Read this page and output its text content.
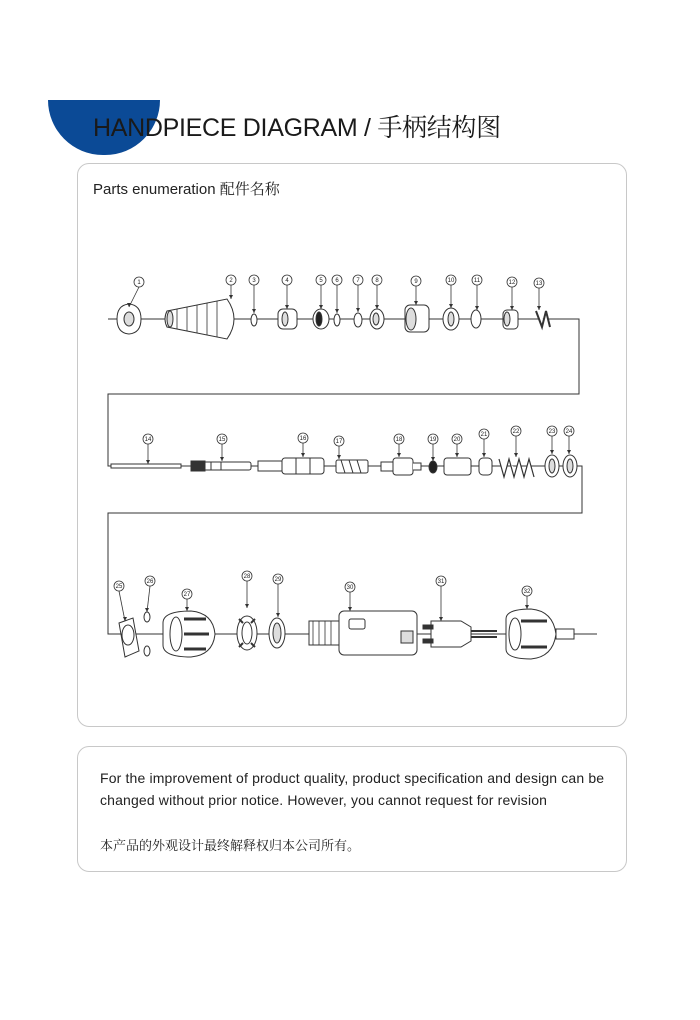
HANDPIECE DIAGRAM / 手柄结构图
Parts enumeration 配件名称
1	2	3	4	5 6	7	8	9	10	11	12	13
14	15	16	17	18	19	20
21	22	23 24
25
26
27
28	29
30
31
32
For the improvement of product quality, product specification and design can be changed without prior notice. However, you cannot request for revision
本产品的外观设计最终解释权归本公司所有。
